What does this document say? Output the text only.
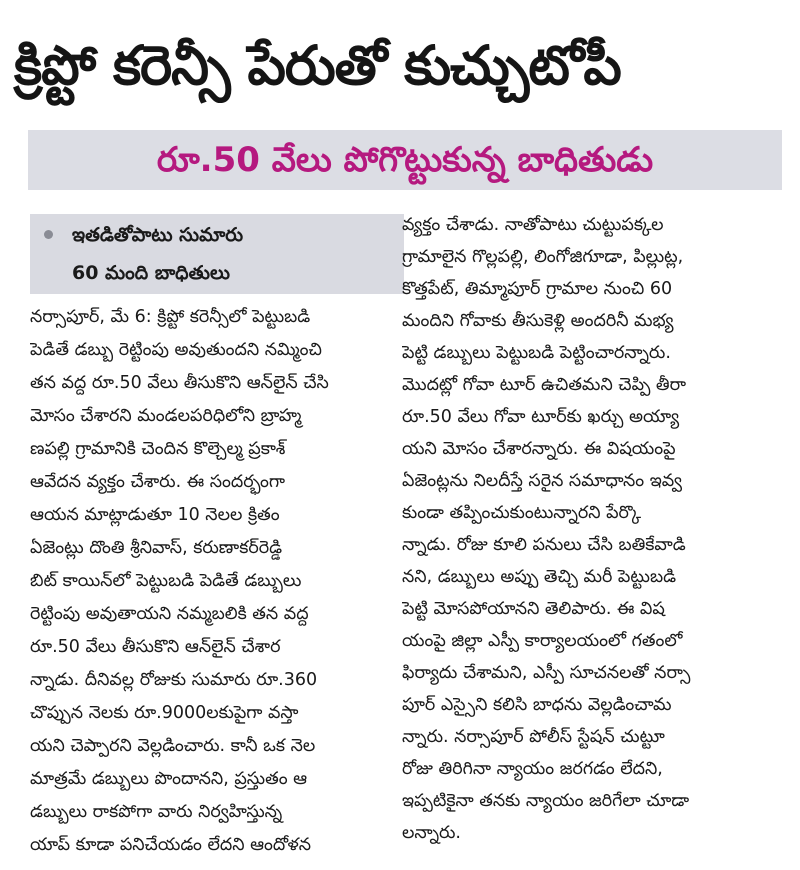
క్రిప్టో కరెన్సీ పేరుతో కుచ్చుటోపీ
రూ.50 వేలు పోగొట్టుకున్న బాధితుడు
ఇతడితోపాటు సుమారు
60 మంది బాధితులు
నర్సాపూర్, మే 6: క్రిప్టో కరెన్సీలో పెట్టుబడి
పెడితే డబ్బు రెట్టింపు అవుతుందని నమ్మించి
తన వద్ద రూ.50 వేలు తీసుకొని ఆన్‌లైన్ చేసి
మోసం చేశారని మండలపరిధిలోని బ్రాహ్మ
ణపల్లి గ్రామానికి చెందిన కొల్చెల్మ ప్రకాశ్
ఆవేదన వ్యక్తం చేశారు. ఈ సందర్భంగా
ఆయన మాట్లాడుతూ 10 నెలల క్రితం
ఏజెంట్లు దొంతి శ్రీనివాస్, కరుణాకర్‌రెడ్డి
బిట్ కాయిన్‌లో పెట్టుబడి పెడితే డబ్బులు
రెట్టింపు అవుతాయని నమ్మబలికి తన వద్ద
రూ.50 వేలు తీసుకొని ఆన్‌లైన్ చేశార
న్నాడు. దీనివల్ల రోజుకు సుమారు రూ.360
చొప్పున నెలకు రూ.9000లకుపైగా వస్తా
యని చెప్పారని వెల్లడించారు. కానీ ఒక నెల
మాత్రమే డబ్బులు పొందానని, ప్రస్తుతం ఆ
డబ్బులు రాకపోగా వారు నిర్వహిస్తున్న
యాప్ కూడా పనిచేయడం లేదని ఆందోళన
వ్యక్తం చేశాడు. నాతోపాటు చుట్టుపక్కల
గ్రామాలైన గొల్లపల్లి, లింగోజిగూడా, పిల్లుట్ల,
కొత్తపేట్, తిమ్మాపూర్ గ్రామాల నుంచి 60
మందిని గోవాకు తీసుకెళ్లి అందరినీ మభ్య
పెట్టి డబ్బులు పెట్టుబడి పెట్టించారన్నారు.
మొదట్లో గోవా టూర్ ఉచితమని చెప్పి తీరా
రూ.50 వేలు గోవా టూర్‌కు ఖర్చు అయ్యా
యని మోసం చేశారన్నారు. ఈ విషయంపై
ఏజెంట్లను నిలదీస్తే సరైన సమాధానం ఇవ్వ
కుండా తప్పించుకుంటున్నారని పేర్కొ
న్నాడు. రోజు కూలి పనులు చేసి బతికేవాడి
నని, డబ్బులు అప్పు తెచ్చి మరీ పెట్టుబడి
పెట్టి మోసపోయానని తెలిపారు. ఈ విష
యంపై జిల్లా ఎస్పీ కార్యాలయంలో గతంలో
ఫిర్యాదు చేశామని, ఎస్పీ సూచనలతో నర్సా
పూర్ ఎస్సైని కలిసి బాధను వెల్లడించామ
న్నారు. నర్సాపూర్ పోలీస్ స్టేషన్ చుట్టూ
రోజు తిరిగినా న్యాయం జరగడం లేదని,
ఇప్పటికైనా తనకు న్యాయం జరిగేలా చూడా
లన్నారు.
